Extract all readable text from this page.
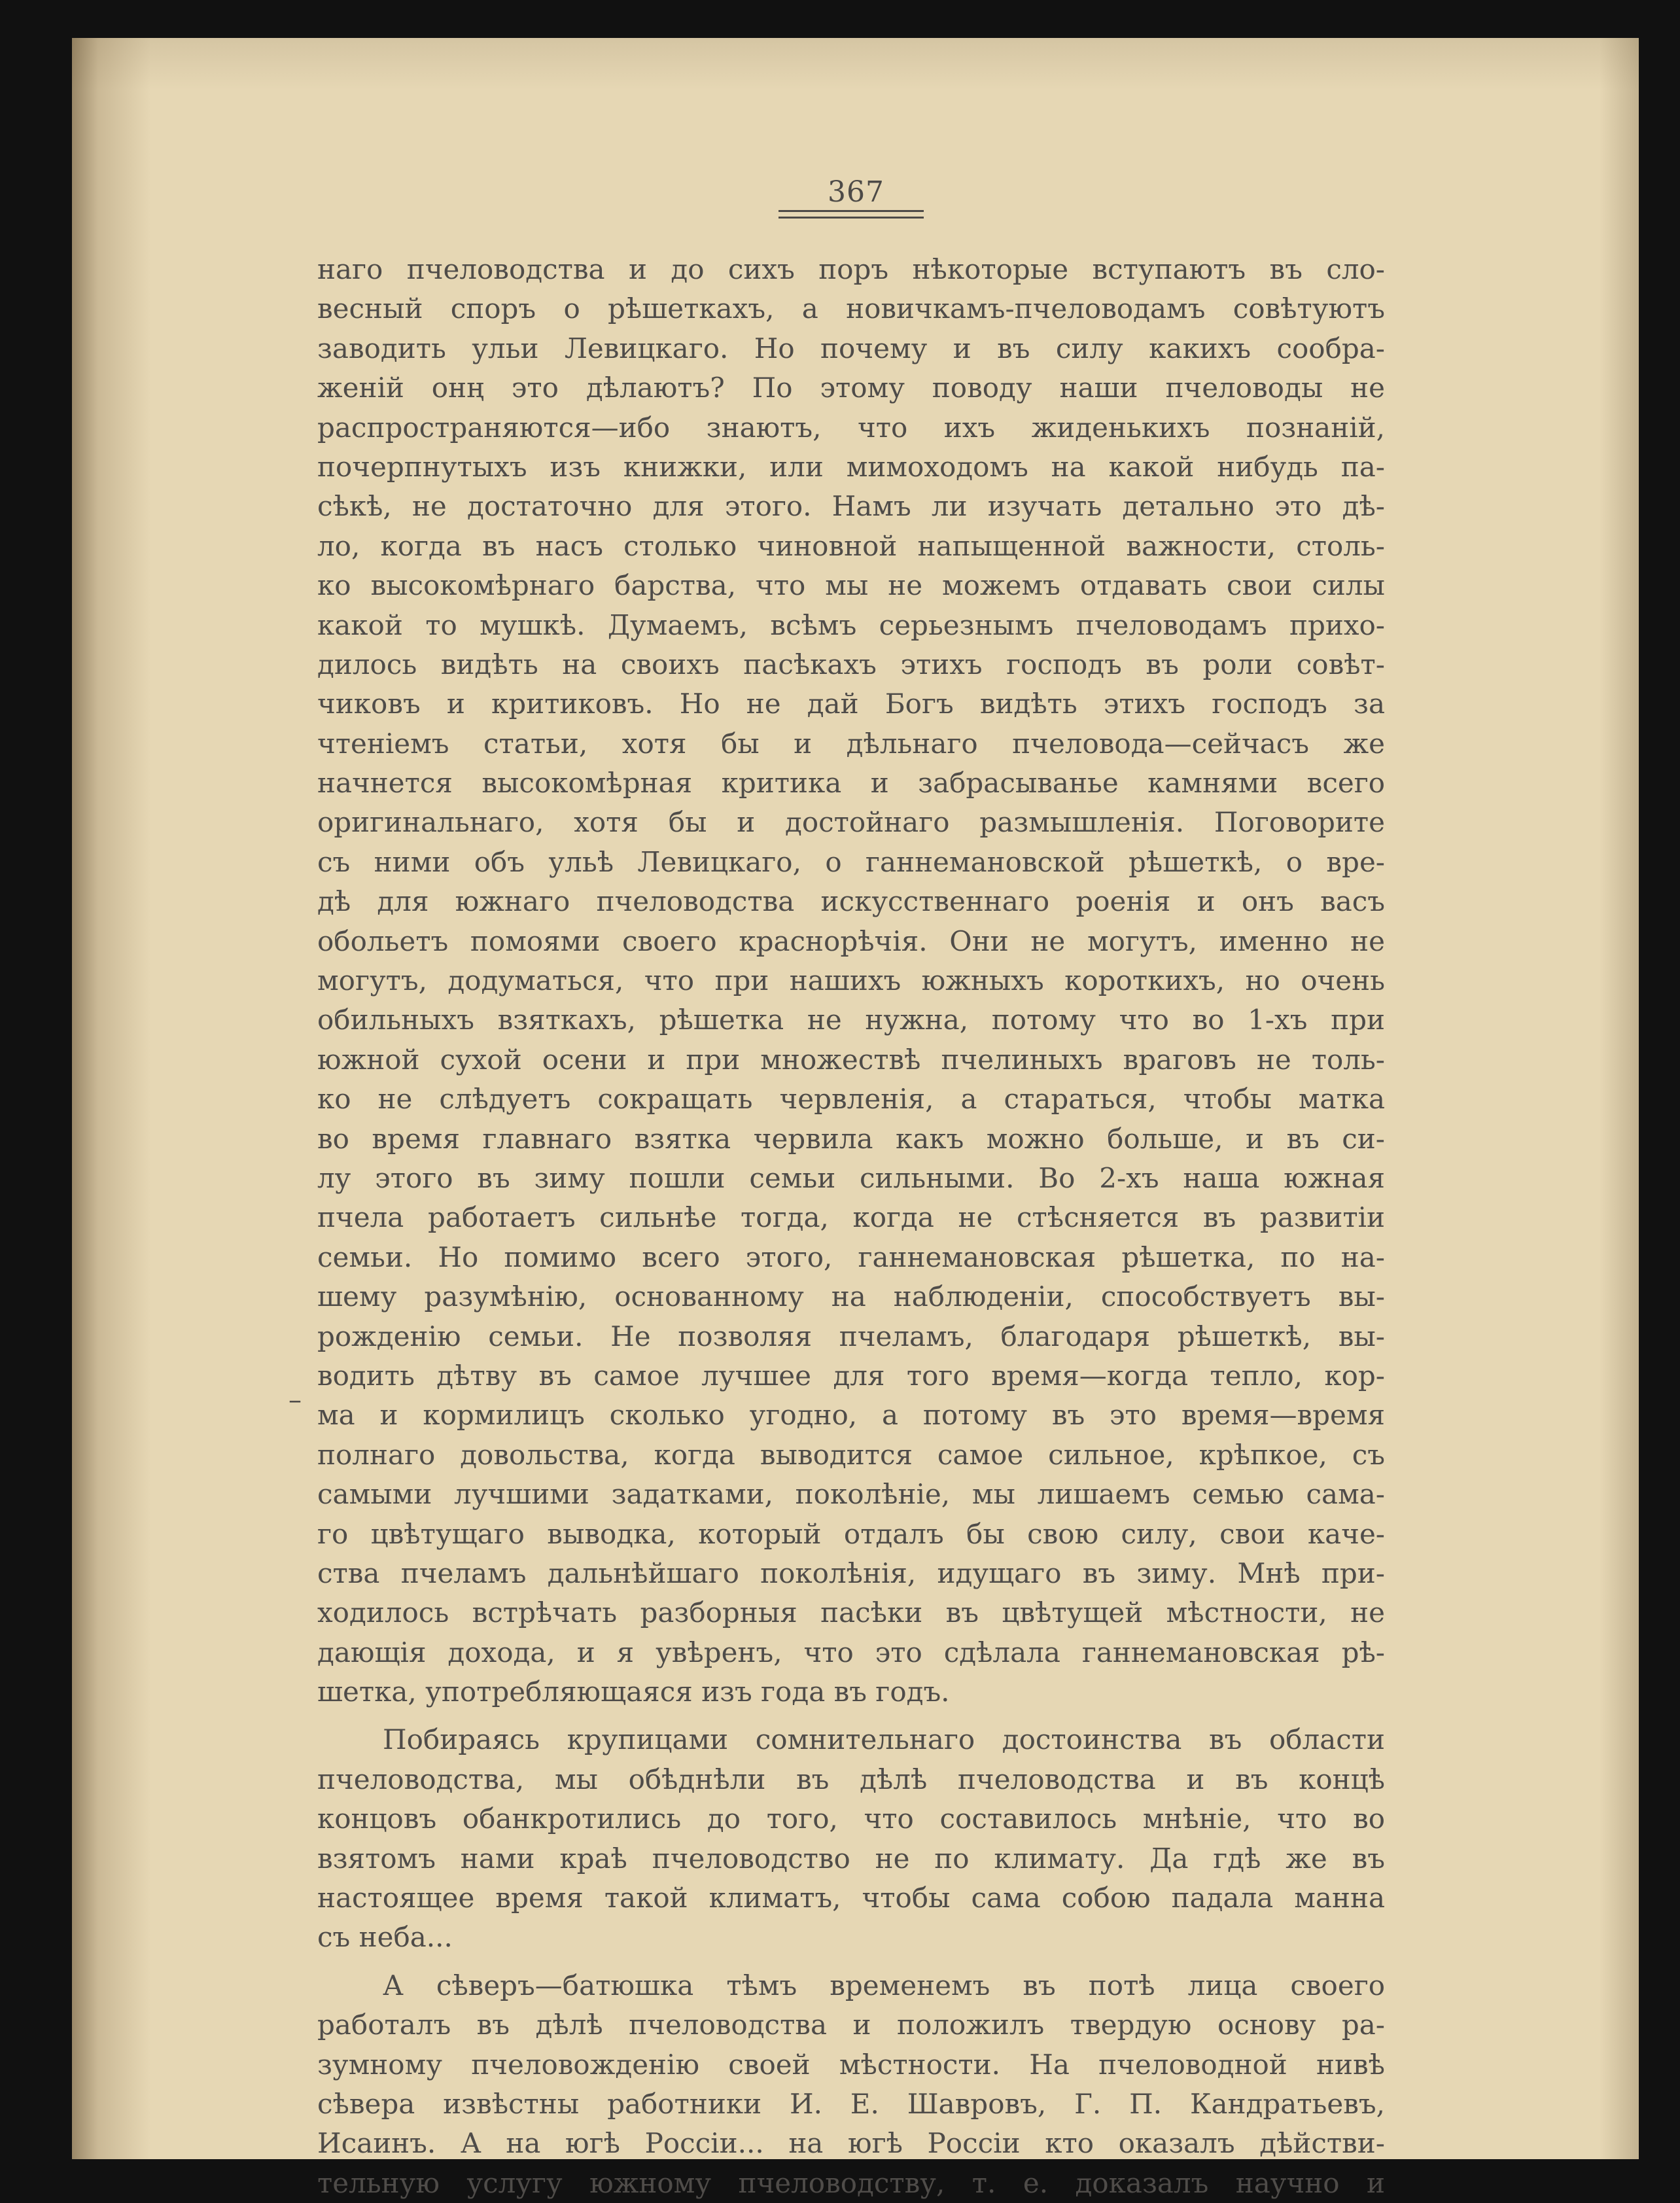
367
–
наго пчеловодства и до сихъ поръ нѣкоторые вступаютъ въ сло-
весный споръ о рѣшеткахъ, а новичкамъ-пчеловодамъ совѣтуютъ
заводить ульи Левицкаго. Но почему и въ силу какихъ сообра-
женій онң это дѣлаютъ? По этому поводу наши пчеловоды не
распространяются—ибо знаютъ, что ихъ жиденькихъ познаній,
почерпнутыхъ изъ книжки, или мимоходомъ на какой нибудь па-
сѣкѣ, не достаточно для этого. Намъ ли изучать детально это дѣ-
ло, когда въ насъ столько чиновной напыщенной важности, столь-
ко высокомѣрнаго барства, что мы не можемъ отдавать свои силы
какой то мушкѣ. Думаемъ, всѣмъ серьезнымъ пчеловодамъ прихо-
дилось видѣть на своихъ пасѣкахъ этихъ господъ въ роли совѣт-
чиковъ и критиковъ. Но не дай Богъ видѣть этихъ господъ за
чтеніемъ статьи, хотя бы и дѣльнаго пчеловода—сейчасъ же
начнется высокомѣрная критика и забрасыванье камнями всего
оригинальнаго, хотя бы и достойнаго размышленія. Поговорите
съ ними объ ульѣ Левицкаго, о ганнемановской рѣшеткѣ, о вре-
дѣ для южнаго пчеловодства искусственнаго роенія и онъ васъ
обольетъ помоями своего краснорѣчія. Они не могутъ, именно не
могутъ, додуматься, что при нашихъ южныхъ короткихъ, но очень
обильныхъ взяткахъ, рѣшетка не нужна, потому что во 1-хъ при
южной сухой осени и при множествѣ пчелиныхъ враговъ не толь-
ко не слѣдуетъ сокращать червленія, а стараться, чтобы матка
во время главнаго взятка червила какъ можно больше, и въ си-
лу этого въ зиму пошли семьи сильными. Во 2-хъ наша южная
пчела работаетъ сильнѣе тогда, когда не стѣсняется въ развитіи
семьи. Но помимо всего этого, ганнемановская рѣшетка, по на-
шему разумѣнію, основанному на наблюденіи, способствуетъ вы-
рожденію семьи. Не позволяя пчеламъ, благодаря рѣшеткѣ, вы-
водить дѣтву въ самое лучшее для того время—когда тепло, кор-
ма и кормилицъ сколько угодно, а потому въ это время—время
полнаго довольства, когда выводится самое сильное, крѣпкое, съ
самыми лучшими задатками, поколѣніе, мы лишаемъ семью сама-
го цвѣтущаго выводка, который отдалъ бы свою силу, свои каче-
ства пчеламъ дальнѣйшаго поколѣнія, идущаго въ зиму. Мнѣ при-
ходилось встрѣчать разборныя пасѣки въ цвѣтущей мѣстности, не
дающія дохода, и я увѣренъ, что это сдѣлала ганнемановская рѣ-
шетка, употребляющаяся изъ года въ годъ.
Побираясь крупицами сомнительнаго достоинства въ области
пчеловодства, мы обѣднѣли въ дѣлѣ пчеловодства и въ концѣ
концовъ обанкротились до того, что составилось мнѣніе, что во
взятомъ нами краѣ пчеловодство не по климату. Да гдѣ же въ
настоящее время такой климатъ, чтобы сама собою падала манна
съ неба...
А сѣверъ—батюшка тѣмъ временемъ въ потѣ лица своего
работалъ въ дѣлѣ пчеловодства и положилъ твердую основу ра-
зумному пчеловожденію своей мѣстности. На пчеловодной нивѣ
сѣвера извѣстны работники И. Е. Шавровъ, Г. П. Кандратьевъ,
Исаинъ. А на югѣ Россіи... на югѣ Россіи кто оказалъ дѣйстви-
тельную услугу южному пчеловодству, т. е. доказалъ научно и
